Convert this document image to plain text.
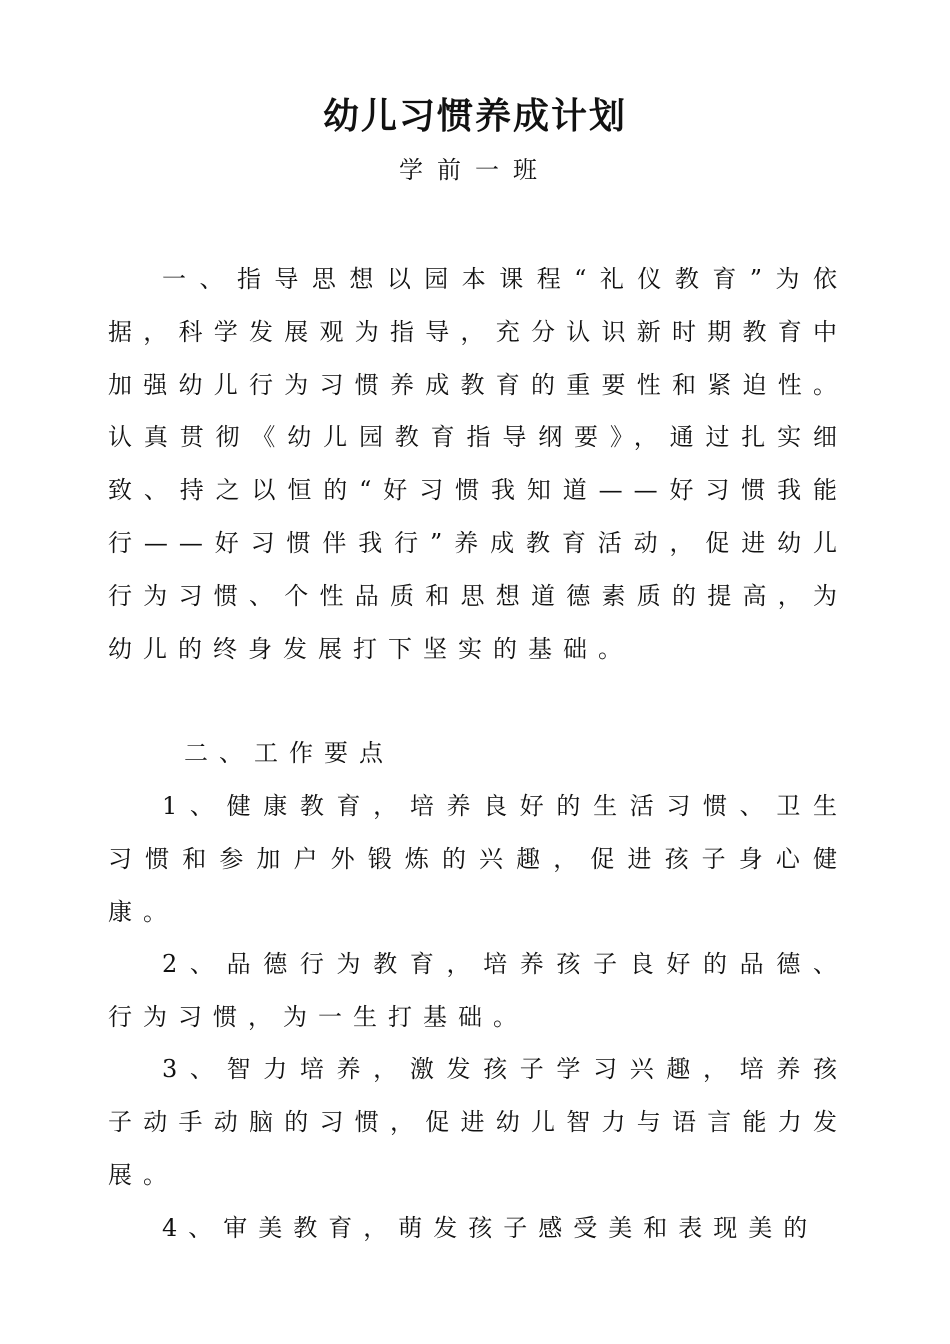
幼儿习惯养成计划
学前一班
一、指导思想以园本课程“礼仪教育”为依据，科学发展观为指导，充分认识新时期教育中加强幼儿行为习惯养成教育的重要性和紧迫性。认真贯彻《幼儿园教育指导纲要》，通过扎实细致、持之以恒的“好习惯我知道——好习惯我能行——好习惯伴我行”养成教育活动，促进幼儿行为习惯、个性品质和思想道德素质的提高，为幼儿的终身发展打下坚实的基础。
二、工作要点
1、健康教育，培养良好的生活习惯、卫生习惯和参加户外锻炼的兴趣，促进孩子身心健康。
2、品德行为教育，培养孩子良好的品德、行为习惯，为一生打基础。
3、智力培养，激发孩子学习兴趣，培养孩子动手动脑的习惯，促进幼儿智力与语言能力发展。
4、审美教育，萌发孩子感受美和表现美的
